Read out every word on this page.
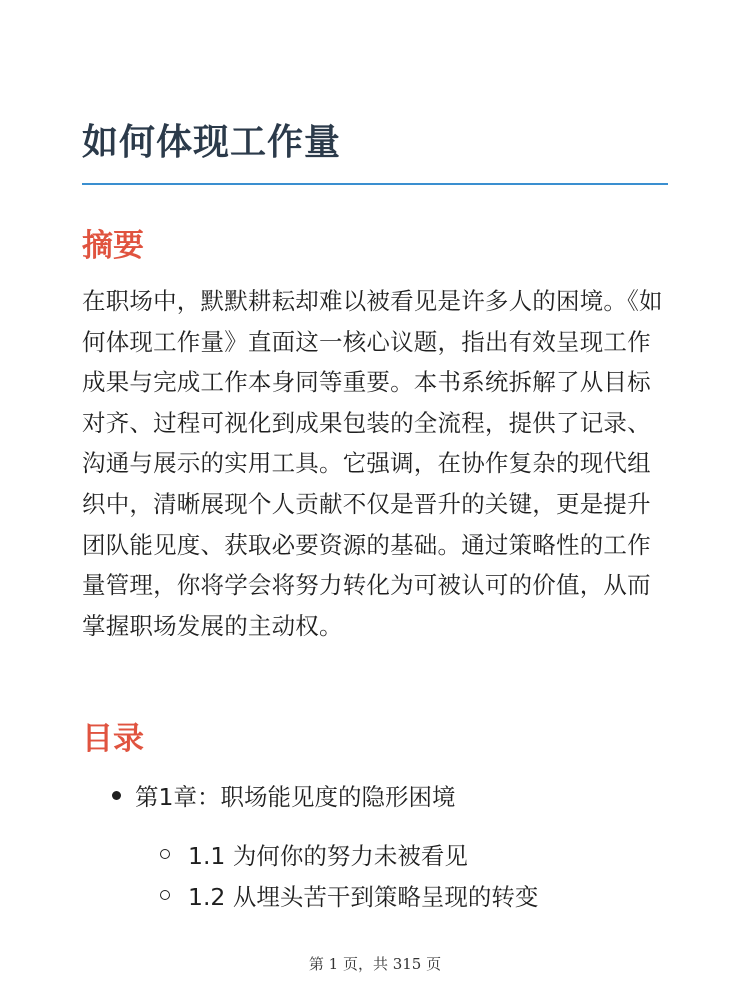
如何体现工作量
摘要

在职场中，默默耕耘却难以被看见是许多人的困境。《如何体现工作量》直面这一核心议题，指出有效呈现工作成果与完成工作本身同等重要。本书系统拆解了从目标对齐、过程可视化到成果包装的全流程，提供了记录、沟通与展示的实用工具。它强调，在协作复杂的现代组织中，清晰展现个人贡献不仅是晋升的关键，更是提升团队能见度、获取必要资源的基础。通过策略性的工作量管理，你将学会将努力转化为可被认可的价值，从而掌握职场发展的主动权。

目录
第1章：职场能见度的隐形困境
1.1 为何你的努力未被看见
1.2 从埋头苦干到策略呈现的转变
第 1 页，共 315 页
